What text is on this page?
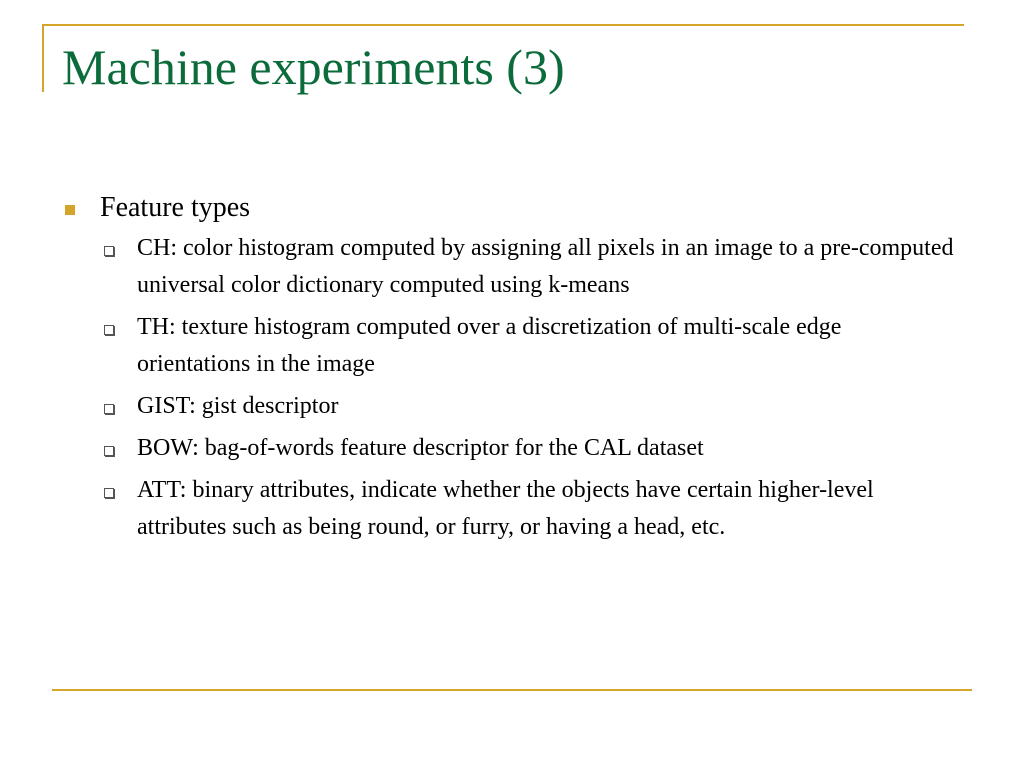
Machine experiments (3)
Feature types
CH: color histogram computed by assigning all pixels in an image to a pre-computed universal color dictionary computed using k-means
TH: texture histogram computed over a discretization of multi-scale edge orientations in the image
GIST: gist descriptor
BOW: bag-of-words feature descriptor for the CAL dataset
ATT: binary attributes, indicate whether the objects have certain higher-level attributes such as being round, or furry, or having a head, etc.
